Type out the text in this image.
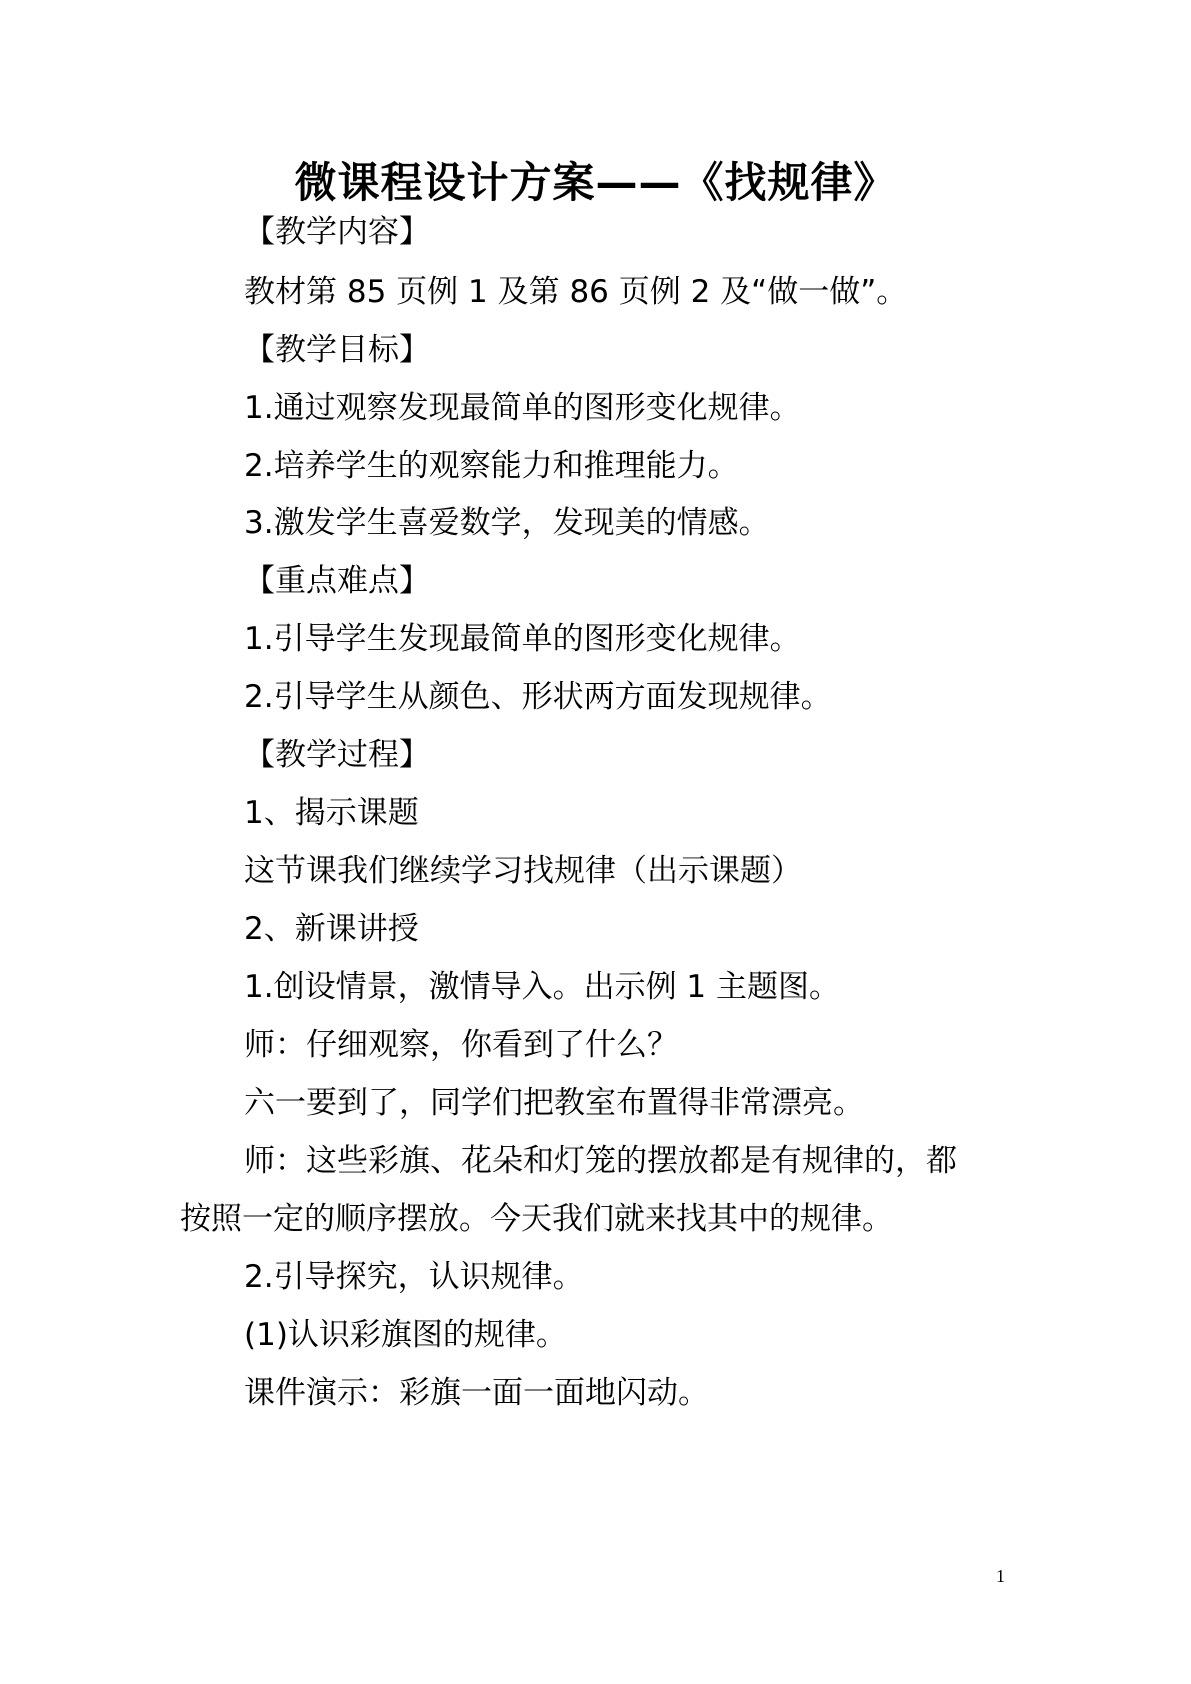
微课程设计方案——《找规律》
【教学内容】
教材第 85 页例 1 及第 86 页例 2 及“做一做”。
【教学目标】
1.通过观察发现最简单的图形变化规律。
2.培养学生的观察能力和推理能力。
3.激发学生喜爱数学，发现美的情感。
【重点难点】
1.引导学生发现最简单的图形变化规律。
2.引导学生从颜色、形状两方面发现规律。
【教学过程】
1、揭示课题
这节课我们继续学习找规律（出示课题）
2、新课讲授
1.创设情景，激情导入。出示例 1 主题图。
师：仔细观察，你看到了什么？
六一要到了，同学们把教室布置得非常漂亮。
师：这些彩旗、花朵和灯笼的摆放都是有规律的，都
按照一定的顺序摆放。今天我们就来找其中的规律。
2.引导探究，认识规律。
(1)认识彩旗图的规律。
课件演示：彩旗一面一面地闪动。
1
